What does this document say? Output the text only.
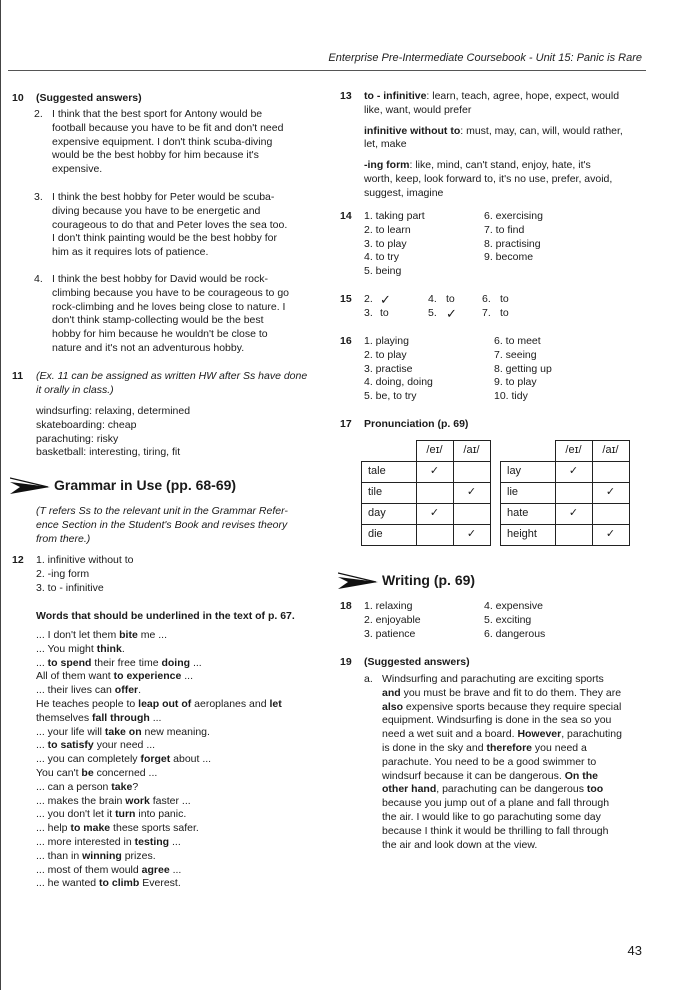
Enterprise Pre-Intermediate Coursebook - Unit 15: Panic is Rare
10 (Suggested answers)
2. I think that the best sport for Antony would be
football because you have to be fit and don't need
expensive equipment. I don't think scuba-diving
would be the best hobby for him because it's
expensive.
3. I think the best hobby for Peter would be scuba-
diving because you have to be energetic and
courageous to do that and Peter loves the sea too.
I don't think painting would be the best hobby for
him as it requires lots of patience.
4. I think the best hobby for David would be rock-
climbing because you have to be courageous to go
rock-climbing and he loves being close to nature. I
don't think stamp-collecting would be the best
hobby for him because he wouldn't be close to
nature and it's not an adventurous hobby.
11 (Ex. 11 can be assigned as written HW after Ss have done
it orally in class.)
windsurfing: relaxing, determined
skateboarding: cheap
parachuting: risky
basketball: interesting, tiring, fit
Grammar in Use (pp. 68-69)
(T refers Ss to the relevant unit in the Grammar Refer-
ence Section in the Student's Book and revises theory
from there.)
12 1. infinitive without to
2. -ing form
3. to - infinitive
Words that should be underlined in the text of p. 67.
... I don't let them bite me ...
... You might think.
... to spend their free time doing ...
All of them want to experience ...
... their lives can offer.
He teaches people to leap out of aeroplanes and let
themselves fall through ...
... your life will take on new meaning.
... to satisfy your need ...
... you can completely forget about ...
You can't be concerned ...
... can a person take?
... makes the brain work faster ...
... you don't let it turn into panic.
... help to make these sports safer.
... more interested in testing ...
... than in winning prizes.
... most of them would agree ...
... he wanted to climb Everest.
13 to - infinitive: learn, teach, agree, hope, expect, would
like, want, would prefer
infinitive without to: must, may, can, will, would rather,
let, make
-ing form: like, mind, can't stand, enjoy, hate, it's
worth, keep, look forward to, it's no use, prefer, avoid,
suggest, imagine
14 1. taking part
2. to learn
3. to play
4. to try
5. being
6. exercising
7. to find
8. practising
9. become
15 2. ✓	4. to	6. to
3. to	5. ✓ 7. to
16 1. playing
2. to play
3. practise
4. doing, doing
5. be, to try
6. to meet
7. seeing
8. getting up
9. to play
10. tidy
17 Pronunciation (p. 69)
	/eɪ/	/aɪ/
tale	✓	
tile		✓
day	✓	
die		✓
	/eɪ/	/aɪ/
lay	✓	
lie		✓
hate	✓	
height		✓
Writing (p. 69)
18 1. relaxing
2. enjoyable
3. patience
4. expensive
5. exciting
6. dangerous
19 (Suggested answers)
a. Windsurfing and parachuting are exciting sports
and you must be brave and fit to do them. They are
also expensive sports because they require special
equipment. Windsurfing is done in the sea so you
need a wet suit and a board. However, parachuting
is done in the sky and therefore you need a
parachute. You need to be a good swimmer to
windsurf because it can be dangerous. On the
other hand, parachuting can be dangerous too
because you jump out of a plane and fall through
the air. I would like to go parachuting some day
because I think it would be thrilling to fall through
the air and look down at the view.
43
